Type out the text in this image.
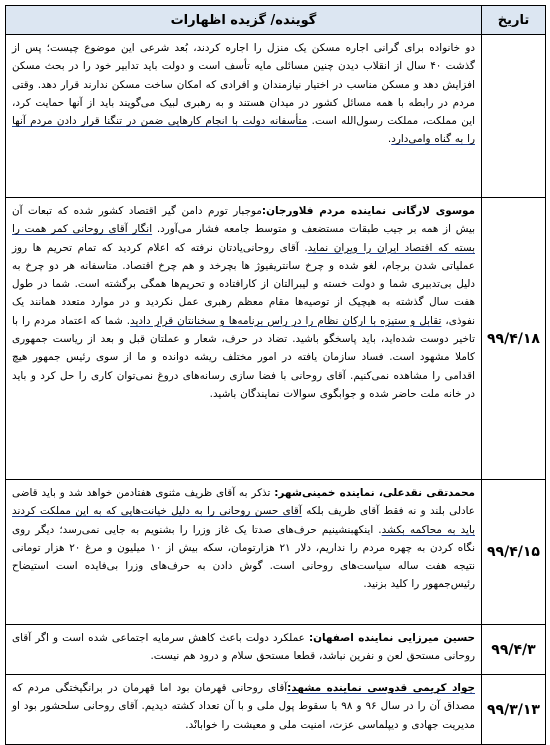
تاریخ	گوینده/ گزیده اظهارات
	دو خانواده برای گرانی اجاره مسکن یک منزل را اجاره کردند، بُعد شرعی این موضوع چیست؛ پس از گذشت ۴۰ سال از انقلاب دیدن چنین مسائلی مایه تأسف است و دولت باید تدابیر خود را در بحث مسکن افزایش دهد و مسکن مناسب در اختیار نیازمندان و افرادی که امکان ساخت مسکن ندارند قرار دهد. وقتی مردم در رابطه با همه مسائل کشور در میدان هستند و به رهبری لبیک می‌گویند باید از آنها حمایت کرد، این مملکت، مملکت رسول‌الله است. متأسفانه دولت با انجام کارهایی ضمن در تنگنا قرار دادن مردم آنها را به گناه وامی‌دارد.
۹۹/۴/۱۸	موسوی لارگانی نماینده مردم فلاورجان:موجبار تورم دامن گیر اقتصاد کشور شده که تبعات آن بیش از همه بر جیب طبقات مستضعف و متوسط جامعه فشار می‌آورد. انگار آقای روحانی کمر همت را بسته که اقتصاد ایران را ویران نماید. آقای روحانی‌یادتان نرفته که اعلام کردید که تمام تحریم ها روز عملیاتی شدن برجام، لغو شده و چرخ سانتریفیوژ ها بچرخد و هم چرخ اقتصاد. متاسفانه هر دو چرخ به دلیل بی‌تدبیری شما و دولت خسته و لیبرالتان از کارافتاده و تحریم‌ها همگی برگشته است. شما در طول هفت سال گذشته به هیچیک از توصیه‌ها مقام معظم رهبری عمل نکردید و در موارد متعدد همانند یک نفوذی، تقابل و ستیزه با ارکان نظام را در راس برنامه‌ها و سخنانتان قرار دادید. شما که اعتماد مردم را با تاخیر دوست شده‌اید، باید پاسخگو باشید. تضاد در حرف، شعار و عملتان قبل و بعد از ریاست جمهوری کاملا مشهود است. فساد سازمان یافته در امور مختلف ریشه دوانده و ما از سوی رئیس جمهور هیچ اقدامی را مشاهده نمی‌کنیم. آقای روحانی با فضا سازی رسانه‌های دروغ نمی‌توان کاری را حل کرد و باید در خانه ملت حاضر شده و جوابگوی سوالات نمایندگان باشید.
۹۹/۴/۱۵	محمدتقی نقدعلی، نماینده خمینی‌شهر: تذکر به آقای ظریف مثنوی هفتادمن خواهد شد و باید قاضی عادلی بلند و نه فقط آقای ظریف بلکه آقای حسن روحانی را به دلیل خیانت‌هایی که به این مملکت کردند باید به محاکمه بکشد. اینکهبنشینیم حرف‌های صدتا یک غاز وزرا را بشنویم به جایی نمی‌رسد؛ دیگر روی نگاه کردن به چهره مردم را نداریم، دلار ۲۱ هزارتومان، سکه بیش از ۱۰ میلیون و مرغ ۲۰ هزار تومانی نتیجه هفت ساله سیاست‌های روحانی است. گوش دادن به حرف‌های وزرا بی‌فایده است استیضاح رئیس‌جمهور را کلید بزنید.
۹۹/۴/۳	حسین میرزایی نماینده اصفهان: عملکرد دولت باعث کاهش سرمایه اجتماعی شده است و اگر آقای روحانی مستحق لعن و نفرین نباشد، قطعا مستحق سلام و درود هم نیست.
۹۹/۳/۱۳	جواد کریمی قدوسی نماینده مشهد:آقای روحانی قهرمان بود اما قهرمان در برانگیختگی مردم که مصداق آن را در سال ۹۶ و ۹۸ با سقوط پول ملی و با آن تعداد کشته دیدیم. آقای روحانی سلحشور بود او مدیریت جهادی و دیپلماسی عزت، امنیت ملی و معیشت را خوابانْد.
